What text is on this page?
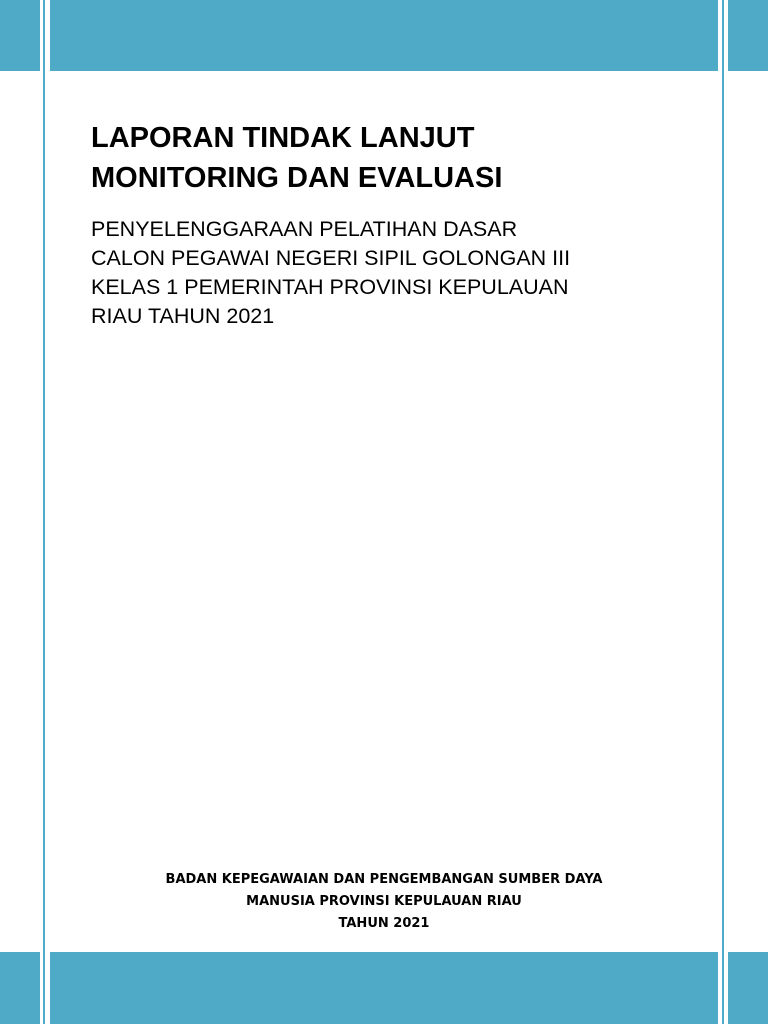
LAPORAN TINDAK LANJUT
MONITORING DAN EVALUASI
PENYELENGGARAAN PELATIHAN DASAR
CALON PEGAWAI NEGERI SIPIL GOLONGAN III
KELAS 1 PEMERINTAH PROVINSI KEPULAUAN
RIAU TAHUN 2021
BADAN KEPEGAWAIAN DAN PENGEMBANGAN SUMBER DAYA
MANUSIA PROVINSI KEPULAUAN RIAU
TAHUN 2021
